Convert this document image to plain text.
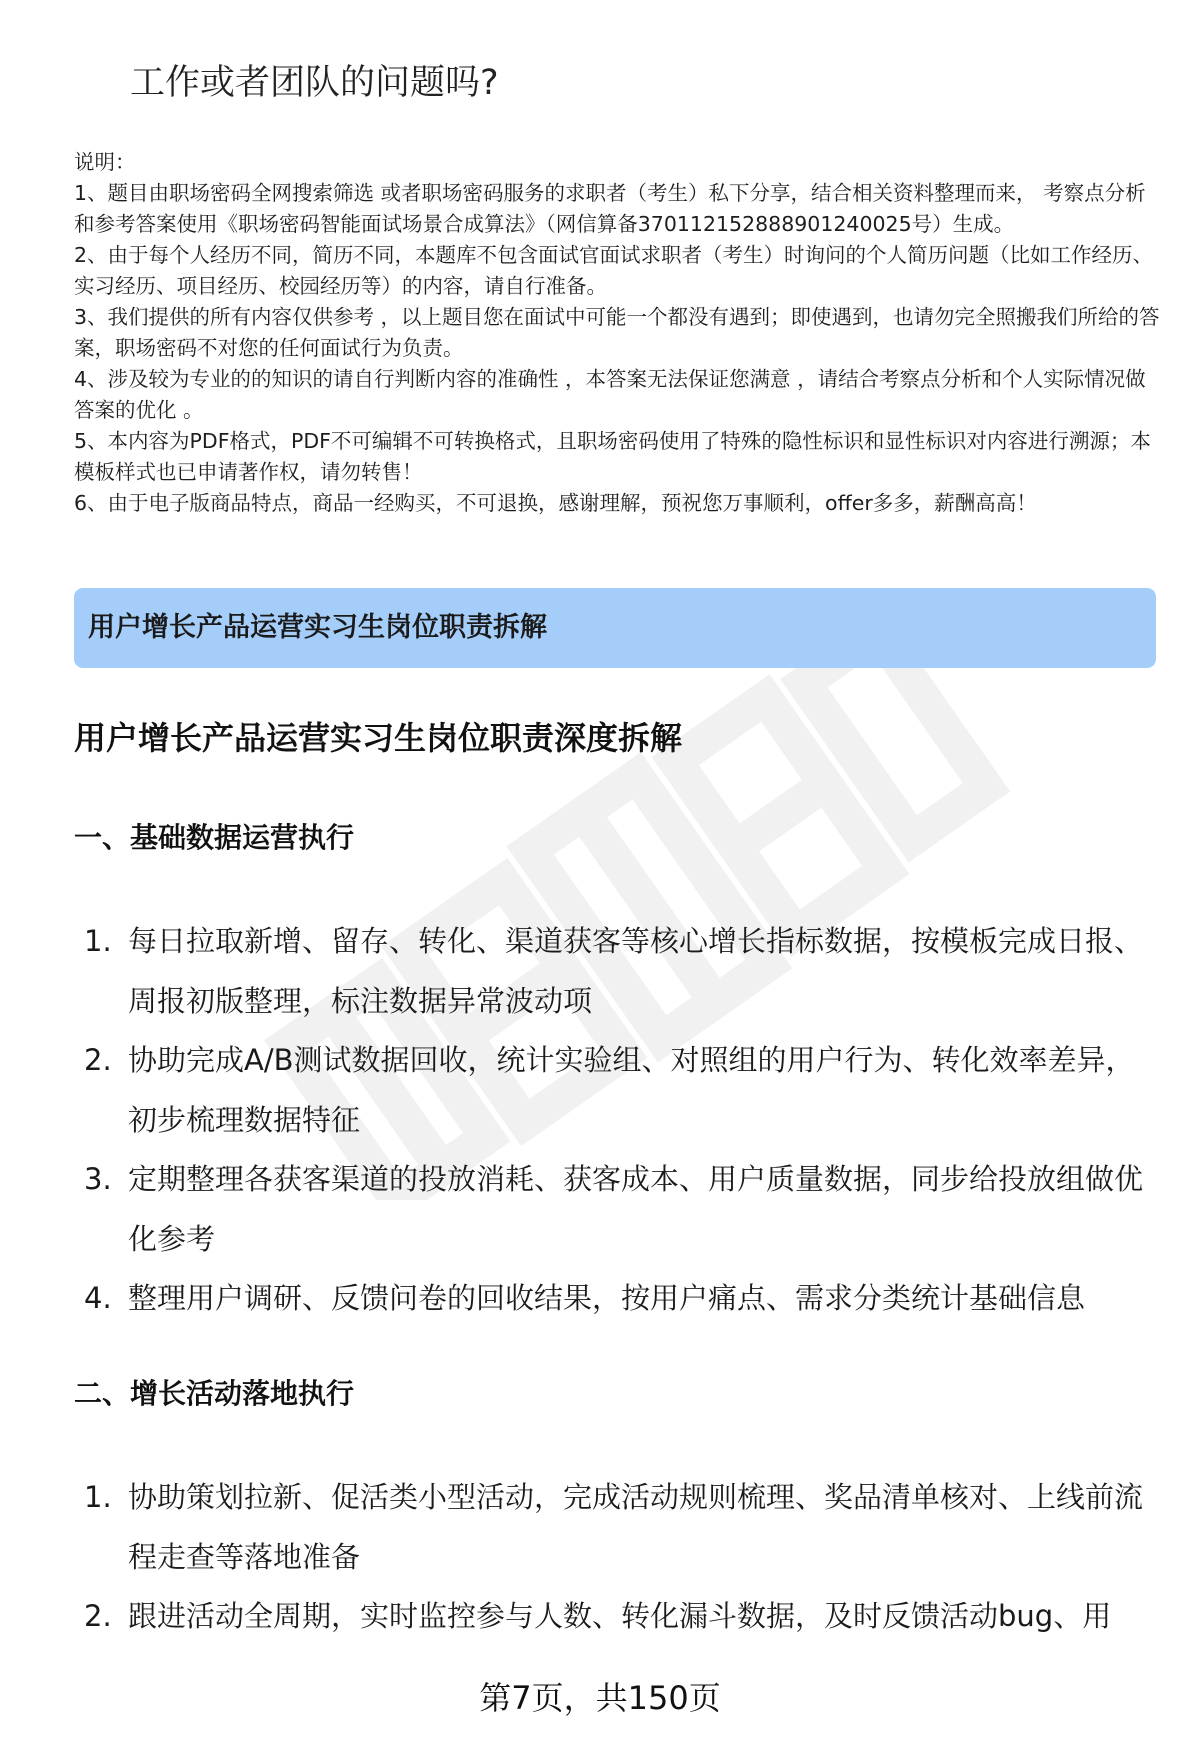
工作或者团队的问题吗?

说明：

1、题目由职场密码全网搜索筛选 或者职场密码服务的求职者（考生）私下分享，结合相关资料整理而来， 考察点分析和参考答案使用《职场密码智能面试场景合成算法》（网信算备370112152888901240025号）生成。

2、由于每个人经历不同，简历不同，本题库不包含面试官面试求职者（考生）时询问的个人简历问题（比如工作经历、实习经历、项目经历、校园经历等）的内容，请自行准备。

3、我们提供的所有内容仅供参考 ，以上题目您在面试中可能一个都没有遇到；即使遇到，也请勿完全照搬我们所给的答案，职场密码不对您的任何面试行为负责。

4、涉及较为专业的的知识的请自行判断内容的准确性 ，本答案无法保证您满意 ，请结合考察点分析和个人实际情况做答案的优化 。

5、本内容为PDF格式，PDF不可编辑不可转换格式，且职场密码使用了特殊的隐性标识和显性标识对内容进行溯源；本模板样式也已申请著作权，请勿转售！

6、由于电子版商品特点，商品一经购买，不可退换，感谢理解，预祝您万事顺利，offer多多，薪酬高高！

用户增长产品运营实习生岗位职责拆解
用户增长产品运营实习生岗位职责深度拆解
一、基础数据运营执行
1. 每日拉取新增、留存、转化、渠道获客等核心增长指标数据，按模板完成日报、周报初版整理，标注数据异常波动项
2. 协助完成A/B测试数据回收，统计实验组、对照组的用户行为、转化效率差异，初步梳理数据特征
3. 定期整理各获客渠道的投放消耗、获客成本、用户质量数据，同步给投放组做优化参考
4. 整理用户调研、反馈问卷的回收结果，按用户痛点、需求分类统计基础信息
二、增长活动落地执行
1. 协助策划拉新、促活类小型活动，完成活动规则梳理、奖品清单核对、上线前流程走查等落地准备
2. 跟进活动全周期，实时监控参与人数、转化漏斗数据，及时反馈活动bug、用
第7页，共150页
